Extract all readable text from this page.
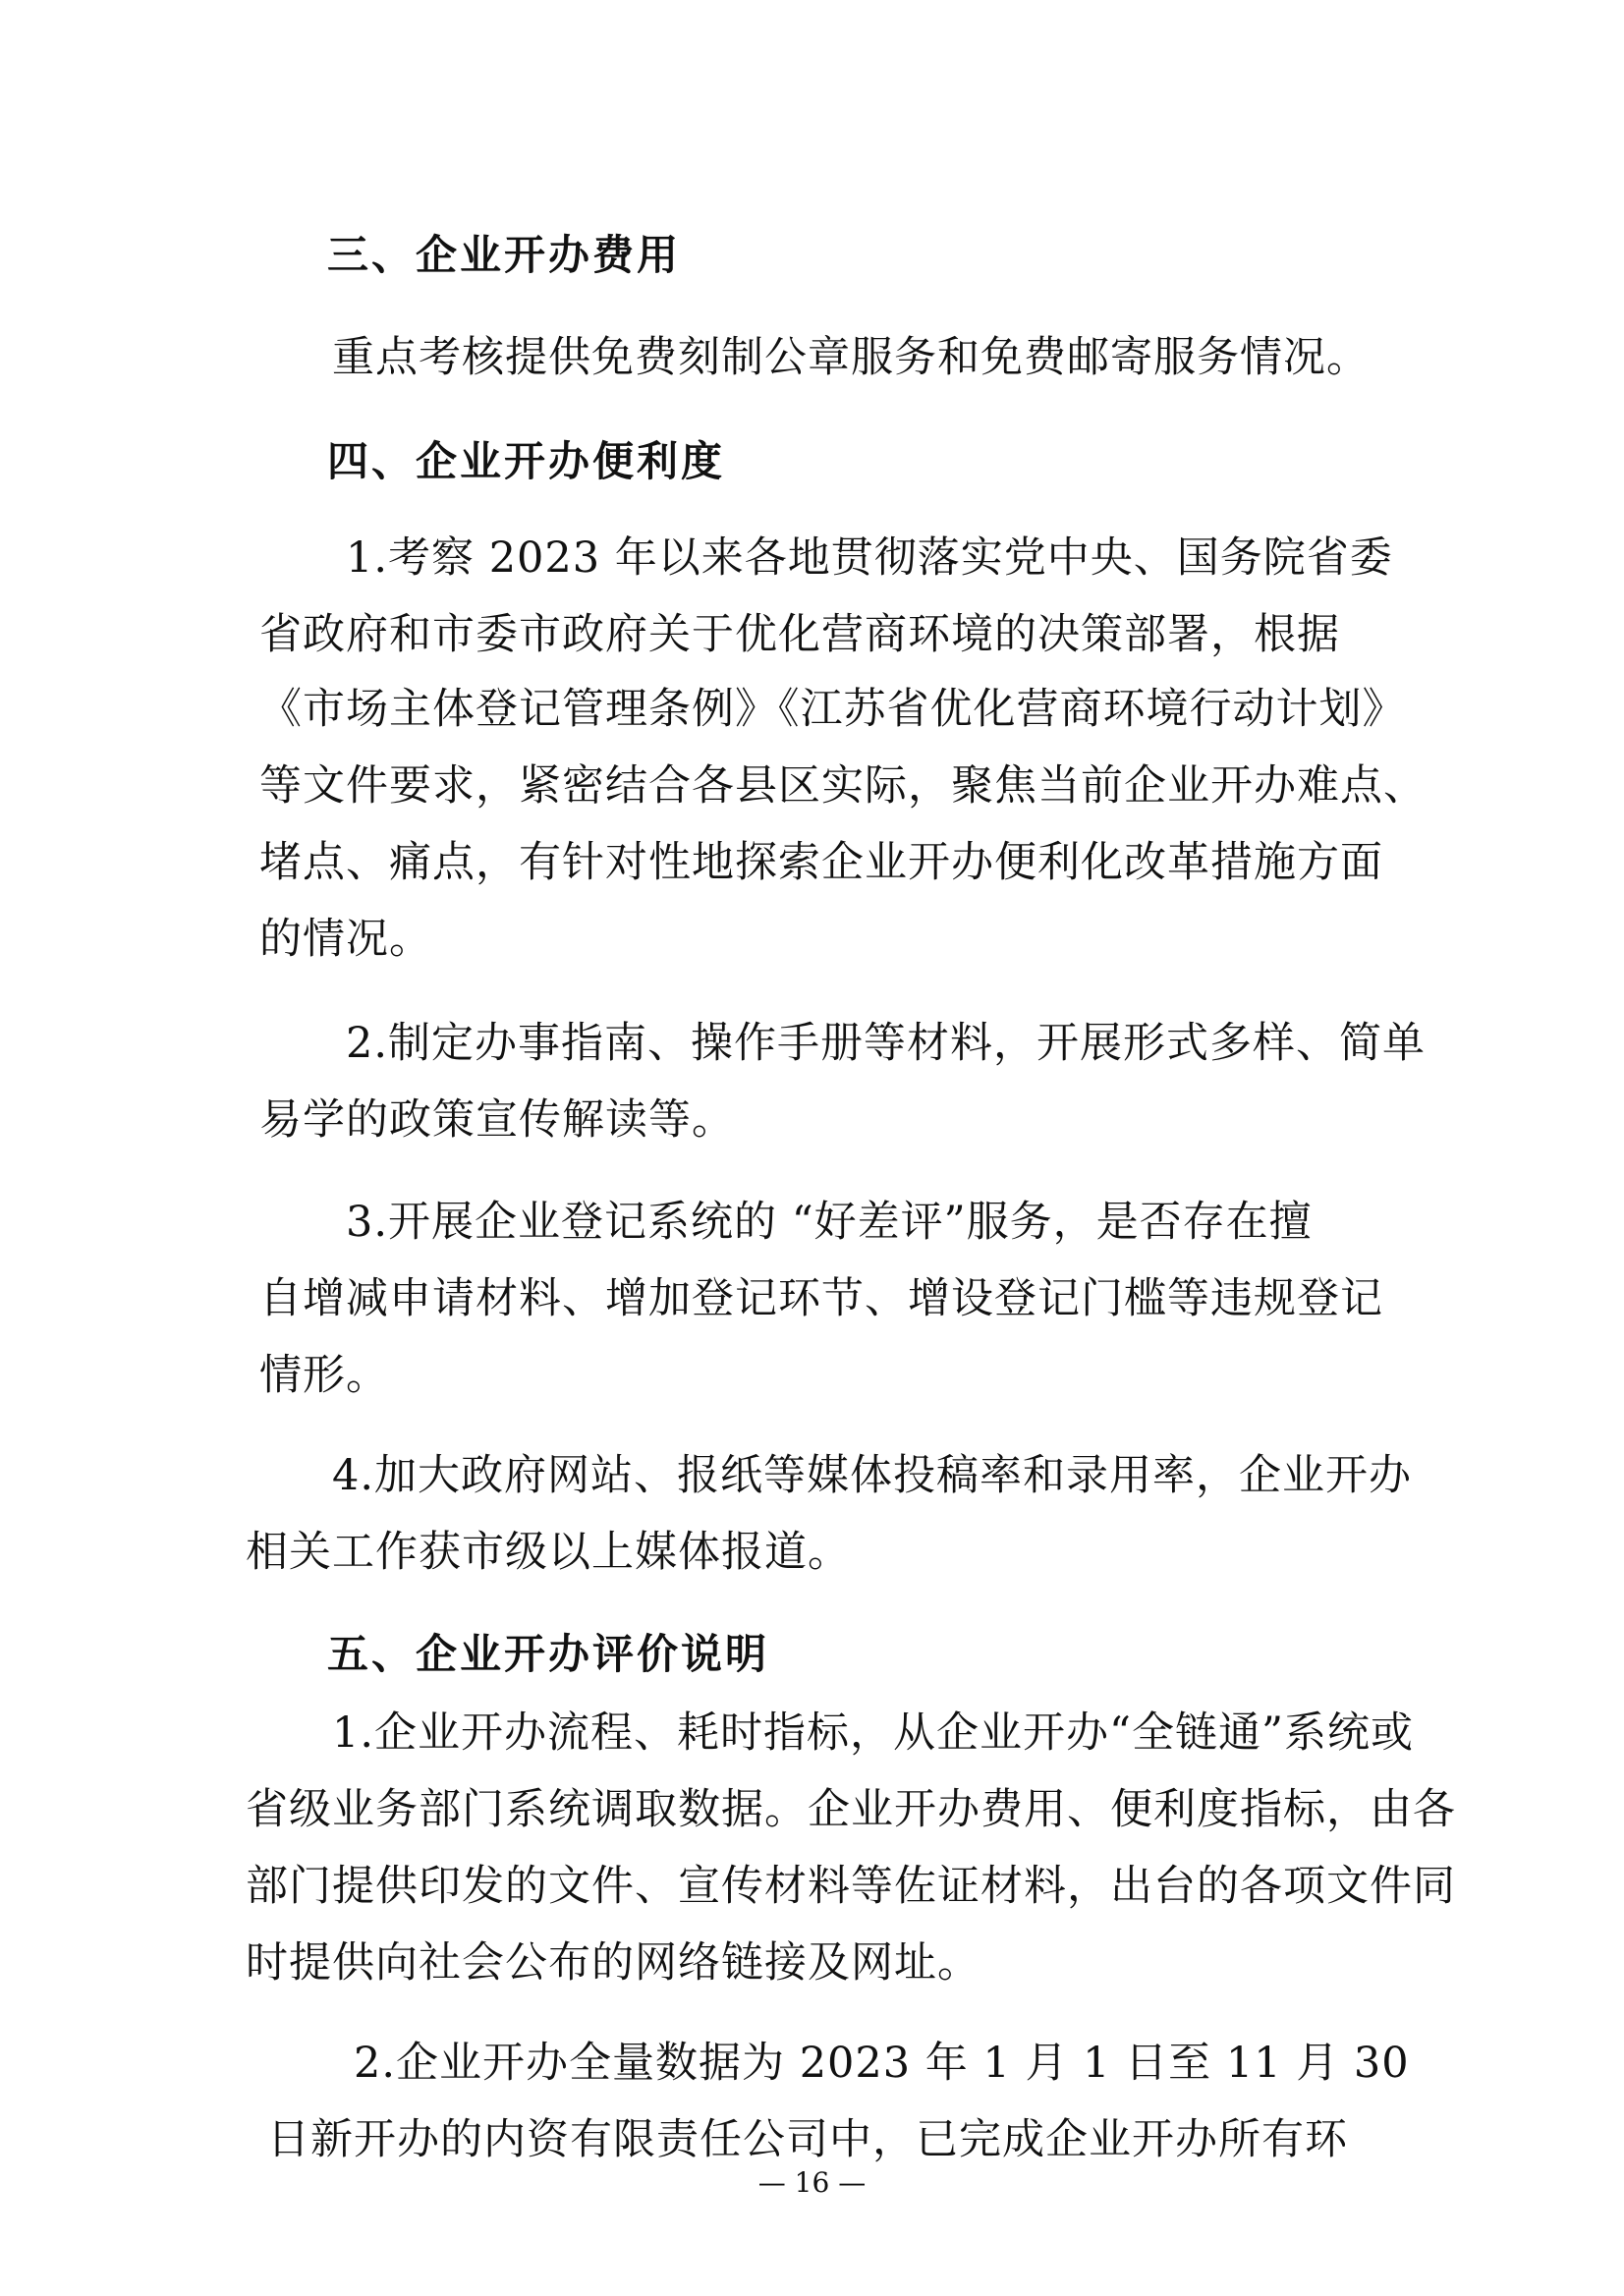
三、企业开办费用
重点考核提供免费刻制公章服务和免费邮寄服务情况。
四、企业开办便利度
1.考察 2023 年以来各地贯彻落实党中央、国务院省委
省政府和市委市政府关于优化营商环境的决策部署，根据
《市场主体登记管理条例》《江苏省优化营商环境行动计划》
等文件要求，紧密结合各县区实际，聚焦当前企业开办难点、
堵点、痛点，有针对性地探索企业开办便利化改革措施方面
的情况。
2.制定办事指南、操作手册等材料，开展形式多样、简单
易学的政策宣传解读等。
3.开展企业登记系统的 “好差评”服务，是否存在擅
自增减申请材料、增加登记环节、增设登记门槛等违规登记
情形。
4.加大政府网站、报纸等媒体投稿率和录用率，企业开办
相关工作获市级以上媒体报道。
五、企业开办评价说明
1.企业开办流程、耗时指标，从企业开办“全链通”系统或
省级业务部门系统调取数据。企业开办费用、便利度指标，由各
部门提供印发的文件、宣传材料等佐证材料，出台的各项文件同
时提供向社会公布的网络链接及网址。
2.企业开办全量数据为 2023 年 1 月 1 日至 11 月 30
日新开办的内资有限责任公司中，已完成企业开办所有环
— 16 —
